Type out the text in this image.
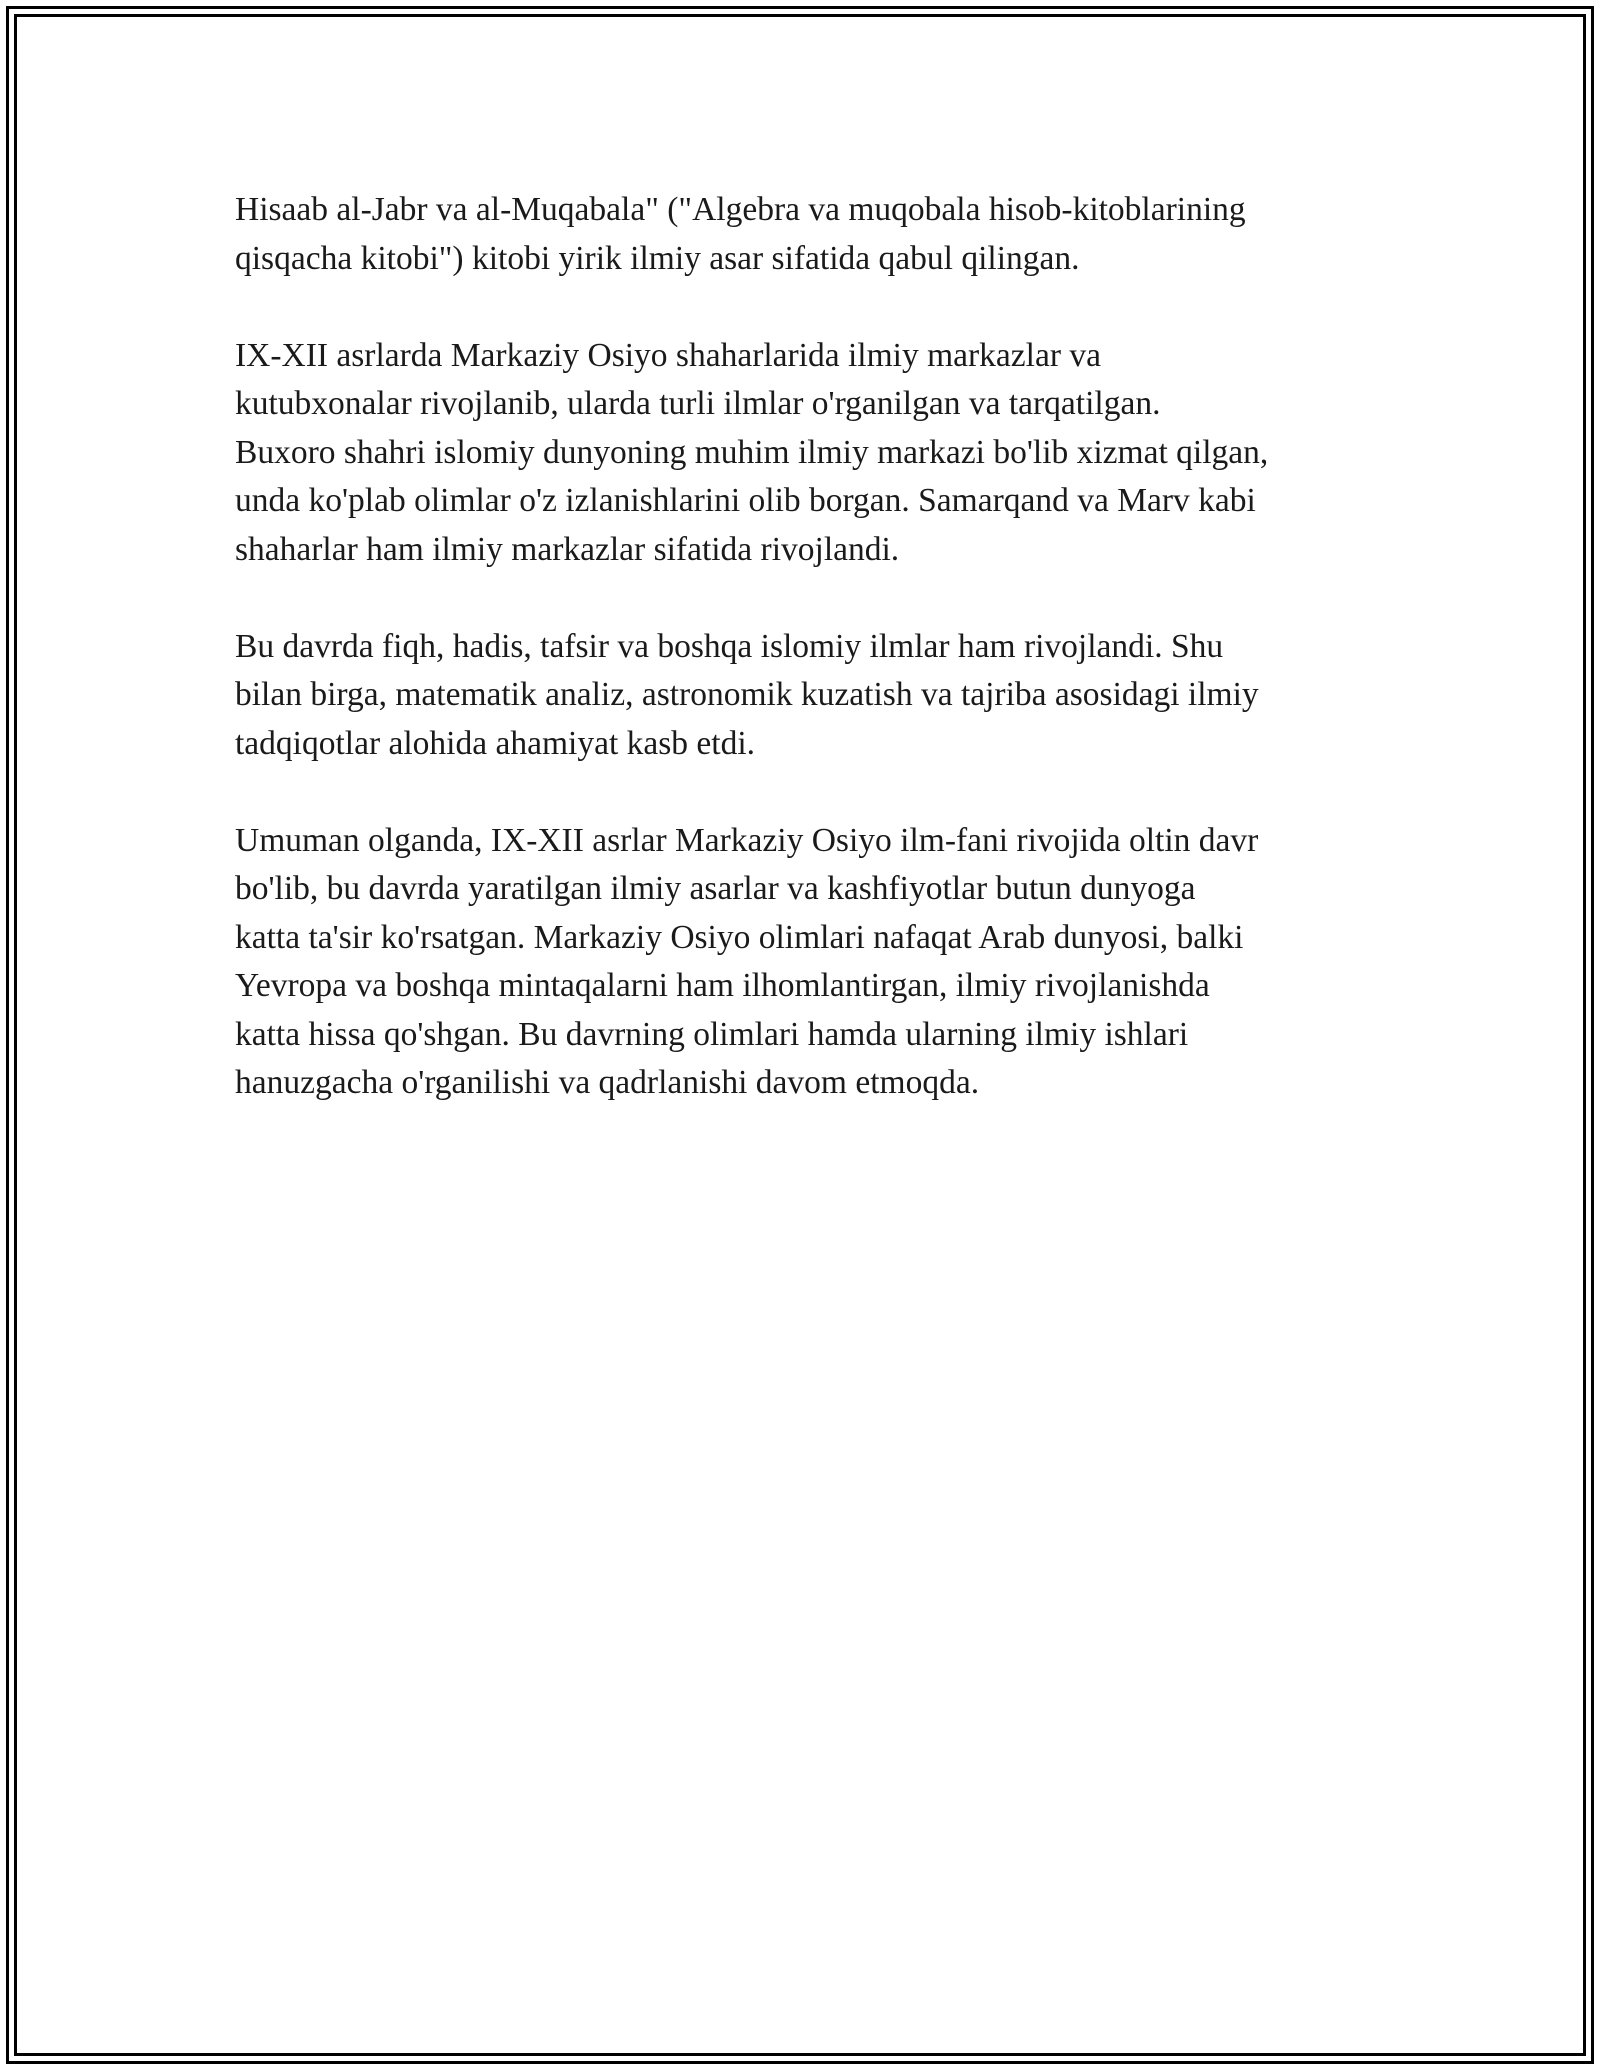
Hisaab al-Jabr va al-Muqabala" ("Algebra va muqobala hisob-kitoblarining
qisqacha kitobi") kitobi yirik ilmiy asar sifatida qabul qilingan.

IX-XII asrlarda Markaziy Osiyo shaharlarida ilmiy markazlar va
kutubxonalar rivojlanib, ularda turli ilmlar o'rganilgan va tarqatilgan.
Buxoro shahri islomiy dunyoning muhim ilmiy markazi bo'lib xizmat qilgan,
unda ko'plab olimlar o'z izlanishlarini olib borgan. Samarqand va Marv kabi
shaharlar ham ilmiy markazlar sifatida rivojlandi.

Bu davrda fiqh, hadis, tafsir va boshqa islomiy ilmlar ham rivojlandi. Shu
bilan birga, matematik analiz, astronomik kuzatish va tajriba asosidagi ilmiy
tadqiqotlar alohida ahamiyat kasb etdi.

Umuman olganda, IX-XII asrlar Markaziy Osiyo ilm-fani rivojida oltin davr
bo'lib, bu davrda yaratilgan ilmiy asarlar va kashfiyotlar butun dunyoga
katta ta'sir ko'rsatgan. Markaziy Osiyo olimlari nafaqat Arab dunyosi, balki
Yevropa va boshqa mintaqalarni ham ilhomlantirgan, ilmiy rivojlanishda
katta hissa qo'shgan. Bu davrning olimlari hamda ularning ilmiy ishlari
hanuzgacha o'rganilishi va qadrlanishi davom etmoqda.
